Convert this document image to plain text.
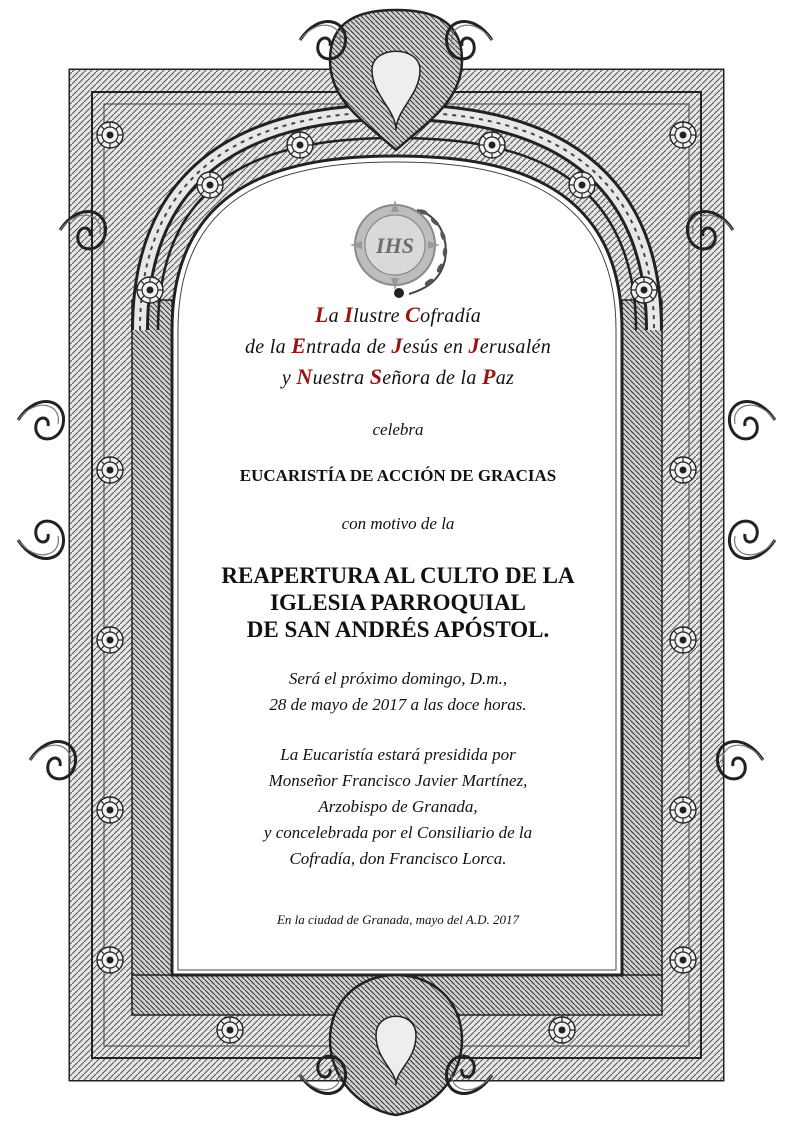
IHS
La Ilustre Cofradía
de la Entrada de Jesús en Jerusalén
y Nuestra Señora de la Paz
celebra
EUCARISTÍA DE ACCIÓN DE GRACIAS
con motivo de la
REAPERTURA AL CULTO DE LA
IGLESIA PARROQUIAL
DE SAN ANDRÉS APÓSTOL.
Será el próximo domingo, D.m.,
28 de mayo de 2017 a las doce horas.
La Eucaristía estará presidida por
Monseñor Francisco Javier Martínez,
Arzobispo de Granada,
y concelebrada por el Consiliario de la
Cofradía, don Francisco Lorca.
En la ciudad de Granada, mayo del A.D. 2017
